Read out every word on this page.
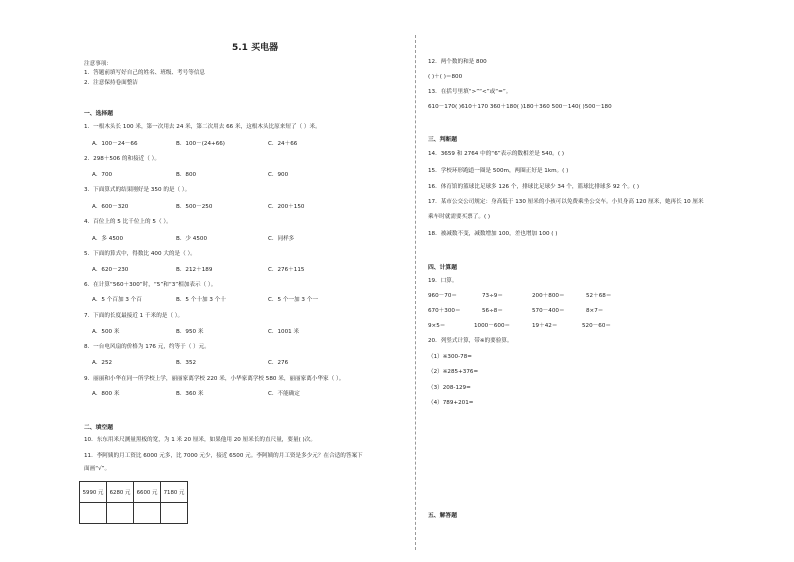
5.1 买电器
注意事项：
1．答题前填写好自己的姓名、班级、考号等信息
2．注意保持卷面整洁
一、选择题
1．一根木头长 100 米，第一次用去 24 米，第二次用去 66 米，这根木头比原来短了（ ）米。
A．100－24－66	B．100－(24+66)	C．24＋66
2．298＋506 的和接近（ ）。
A．700	B．800	C．900
3．下面算式的结果刚好是 350 的是（ ）。
A．600－320	B．500－250	C．200＋150
4．百位上的 5 比千位上的 5（ ）。
A．多 4500	B．少 4500	C．同样多
5．下面的算式中，得数比 400 大的是（ ）。
A．620－230	B．212＋189	C．276＋115
6．在计算“560＋300”时，“5”和“3”相加表示（ ）。
A．5 个百加 3 个百	B．5 个十加 3 个十	C．5 个一加 3 个一
7．下面的长度最接近 1 千米的是（ ）。
A．500 米	B．950 米	C．1001 米
8．一台电风扇的价格为 176 元，约等于（ ）元。
A．252	B．352	C．276
9．丽丽和小华在同一所学校上学，丽丽家离学校 220 米，小华家离学校 580 米，丽丽家离小华家（ ）。
A．800 米	B．360 米	C．不能确定
二、填空题
10．东东用米尺测量黑板的宽，为 1 米 20 厘米，如果他用 20 厘米长的直尺量，要量( )次。
11．李阿姨的月工资比 6000 元多，比 7000 元少，接近 6500 元。李阿姨的月工资是多少元？在合适的答案下
面画“√”。
5990 元	6280 元	6600 元	7180 元

12．两个数的和是 800
( )＋( )＝800
13．在括号里填“>”“<”或“=”。
610－170( )610＋170 360＋180( )180＋360 500－140( )500－180
三、判断题
14．3659 和 2764 中的“6”表示的数相差是 540。( )
15．学校环形跑道一圈是 500m，两圈正好是 1km。( )
16．体育馆的篮球比足球多 126 个，排球比足球少 34 个，篮球比排球多 92 个。( )
17．某市公交公司规定：身高低于 130 厘米的小孩可以免费乘坐公交车。小贝身高 120 厘米，她再长 10 厘米
乘车时就需要买票了。( )
18．被减数不变，减数增加 100，差也增加 100 ( )
四、计算题
19．口算。
960－70＝	73÷9＝	200＋800＝	52＋68＝
670＋300＝	56÷8＝	570－400＝	8×7＝
9×5＝	1000－600＝	19＋42＝	520－60＝
20．列竖式计算，带※的要验算。
（1）※300-78=
（2）※285+376=
（3）208-129=
（4）789+201=
五、解答题
